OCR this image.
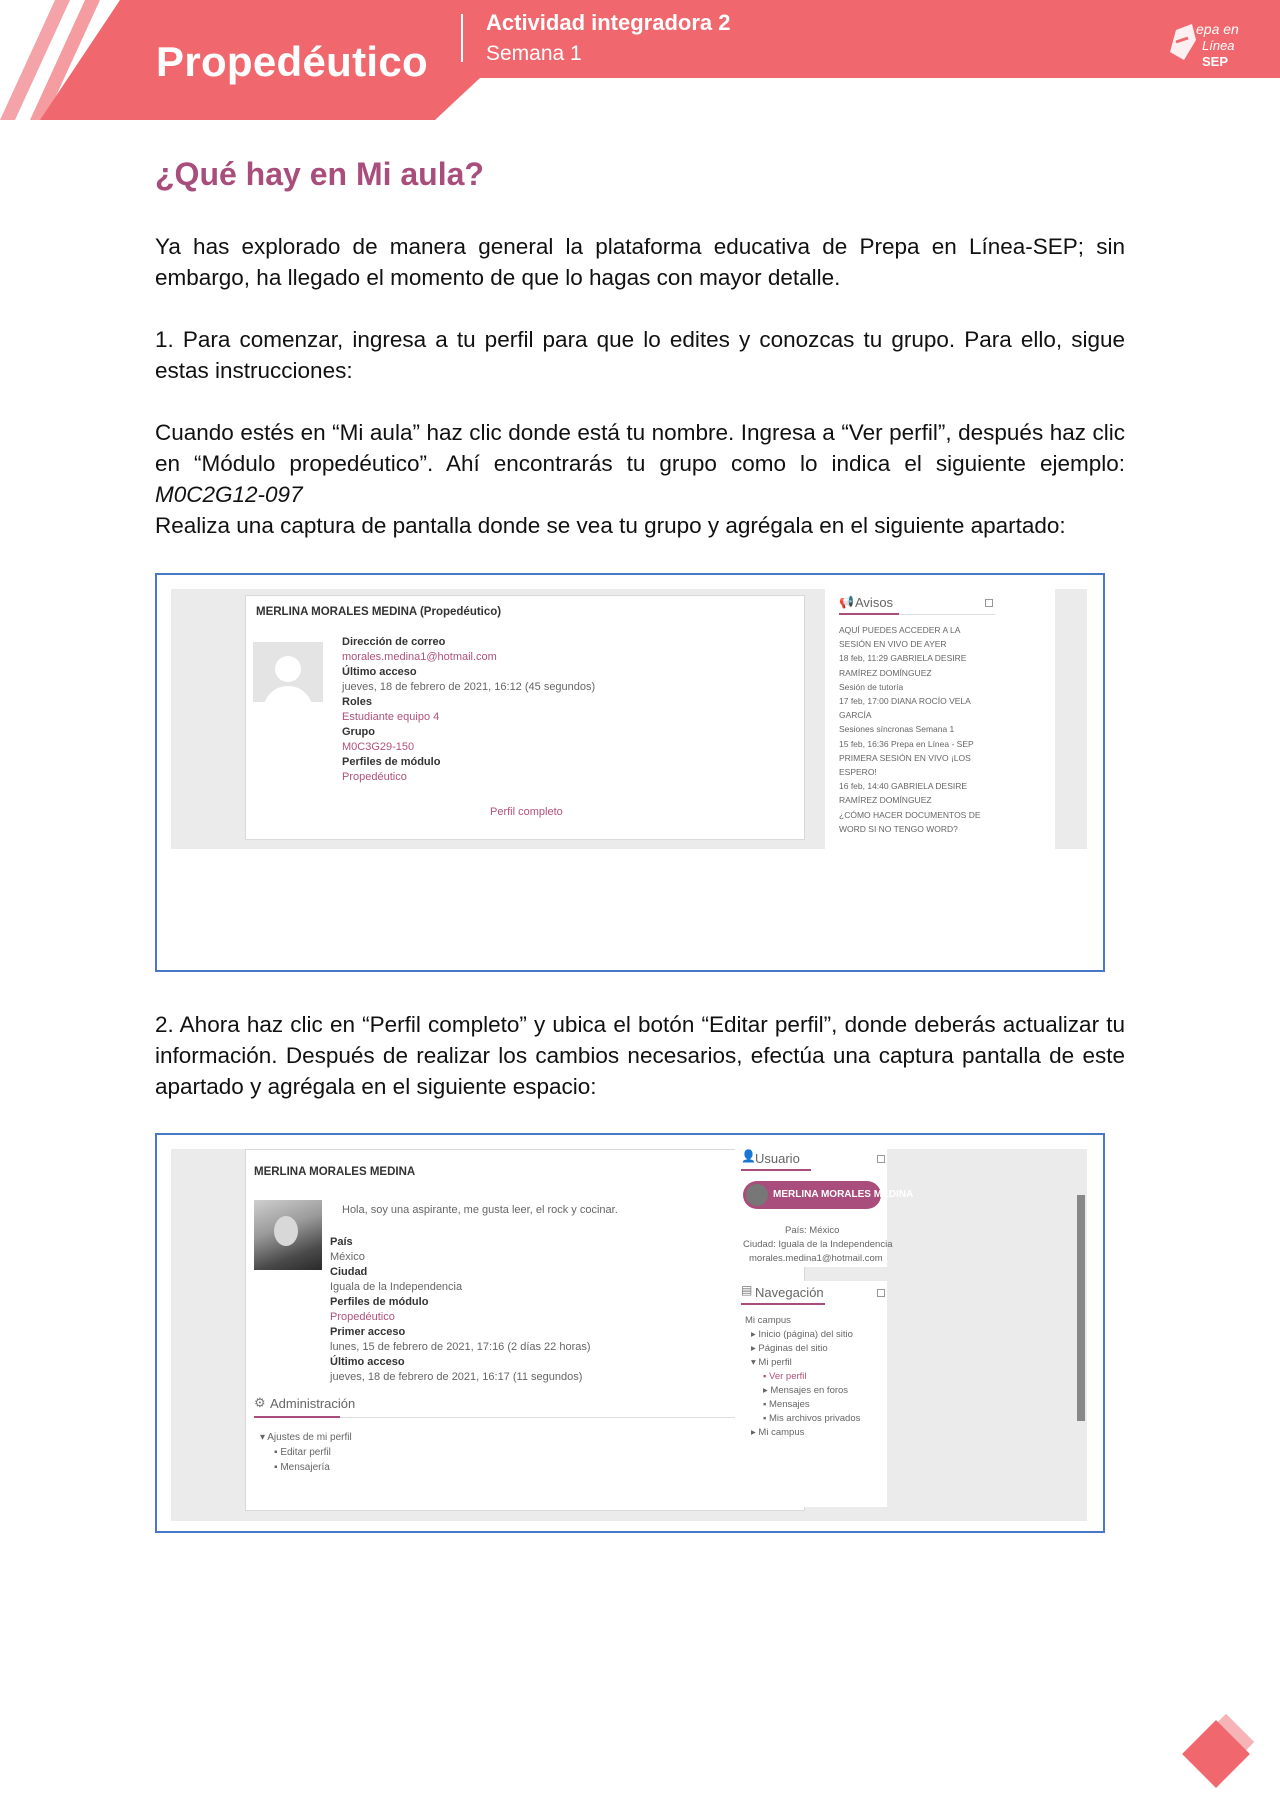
Propedéutico
Actividad integradora 2
Semana 1
epa en
Línea
SEP
¿Qué hay en Mi aula?

Ya has explorado de manera general la plataforma educativa de Prepa en Línea-SEP; sin embargo, ha llegado el momento de que lo hagas con mayor detalle.

1. Para comenzar, ingresa a tu perfil para que lo edites y conozcas tu grupo. Para ello, sigue estas instrucciones:

Cuando estés en “Mi aula” haz clic donde está tu nombre. Ingresa a “Ver perfil”, después haz clic en “Módulo propedéutico”. Ahí encontrarás tu grupo como lo indica el siguiente ejemplo: M0C2G12-097
Realiza una captura de pantalla donde se vea tu grupo y agrégala en el siguiente apartado:
MERLINA MORALES MEDINA (Propedéutico)
Dirección de correo
morales.medina1@hotmail.com
Último acceso
jueves, 18 de febrero de 2021, 16:12 (45 segundos)
Roles
Estudiante equipo 4
Grupo
M0C3G29-150
Perfiles de módulo
Propedéutico
Perfil completo
📢 Avisos
AQUÍ PUEDES ACCEDER A LA
SESIÓN EN VIVO DE AYER
18 feb, 11:29 GABRIELA DESIRE
RAMÍREZ DOMÍNGUEZ
Sesión de tutoría
17 feb, 17:00 DIANA ROCÍO VELA
GARCÍA
Sesiones síncronas Semana 1
15 feb, 16:36 Prepa en Línea - SEP
PRIMERA SESIÓN EN VIVO ¡LOS
ESPERO!
16 feb, 14:40 GABRIELA DESIRE
RAMÍREZ DOMÍNGUEZ
¿CÓMO HACER DOCUMENTOS DE
WORD SI NO TENGO WORD?

2. Ahora haz clic en “Perfil completo” y ubica el botón “Editar perfil”, donde deberás actualizar tu información. Después de realizar los cambios necesarios, efectúa una captura pantalla de este apartado y agrégala en el siguiente espacio:

MERLINA MORALES MEDINA
Hola, soy una aspirante, me gusta leer, el rock y cocinar.
País
México
Ciudad
Iguala de la Independencia
Perfiles de módulo
Propedéutico
Primer acceso
lunes, 15 de febrero de 2021, 17:16 (2 días 22 horas)
Último acceso
jueves, 18 de febrero de 2021, 16:17 (11 segundos)
⚙ Administración
▾ Ajustes de mi perfil
▪ Editar perfil
▪ Mensajería
👤 Usuario
MERLINA MORALES MEDINA
País: México
Ciudad: Iguala de la Independencia
morales.medina1@hotmail.com
▤ Navegación
Mi campus
▸ Inicio (página) del sitio
▸ Páginas del sitio
▾ Mi perfil
▪ Ver perfil
▸ Mensajes en foros
▪ Mensajes
▪ Mis archivos privados
▸ Mi campus
